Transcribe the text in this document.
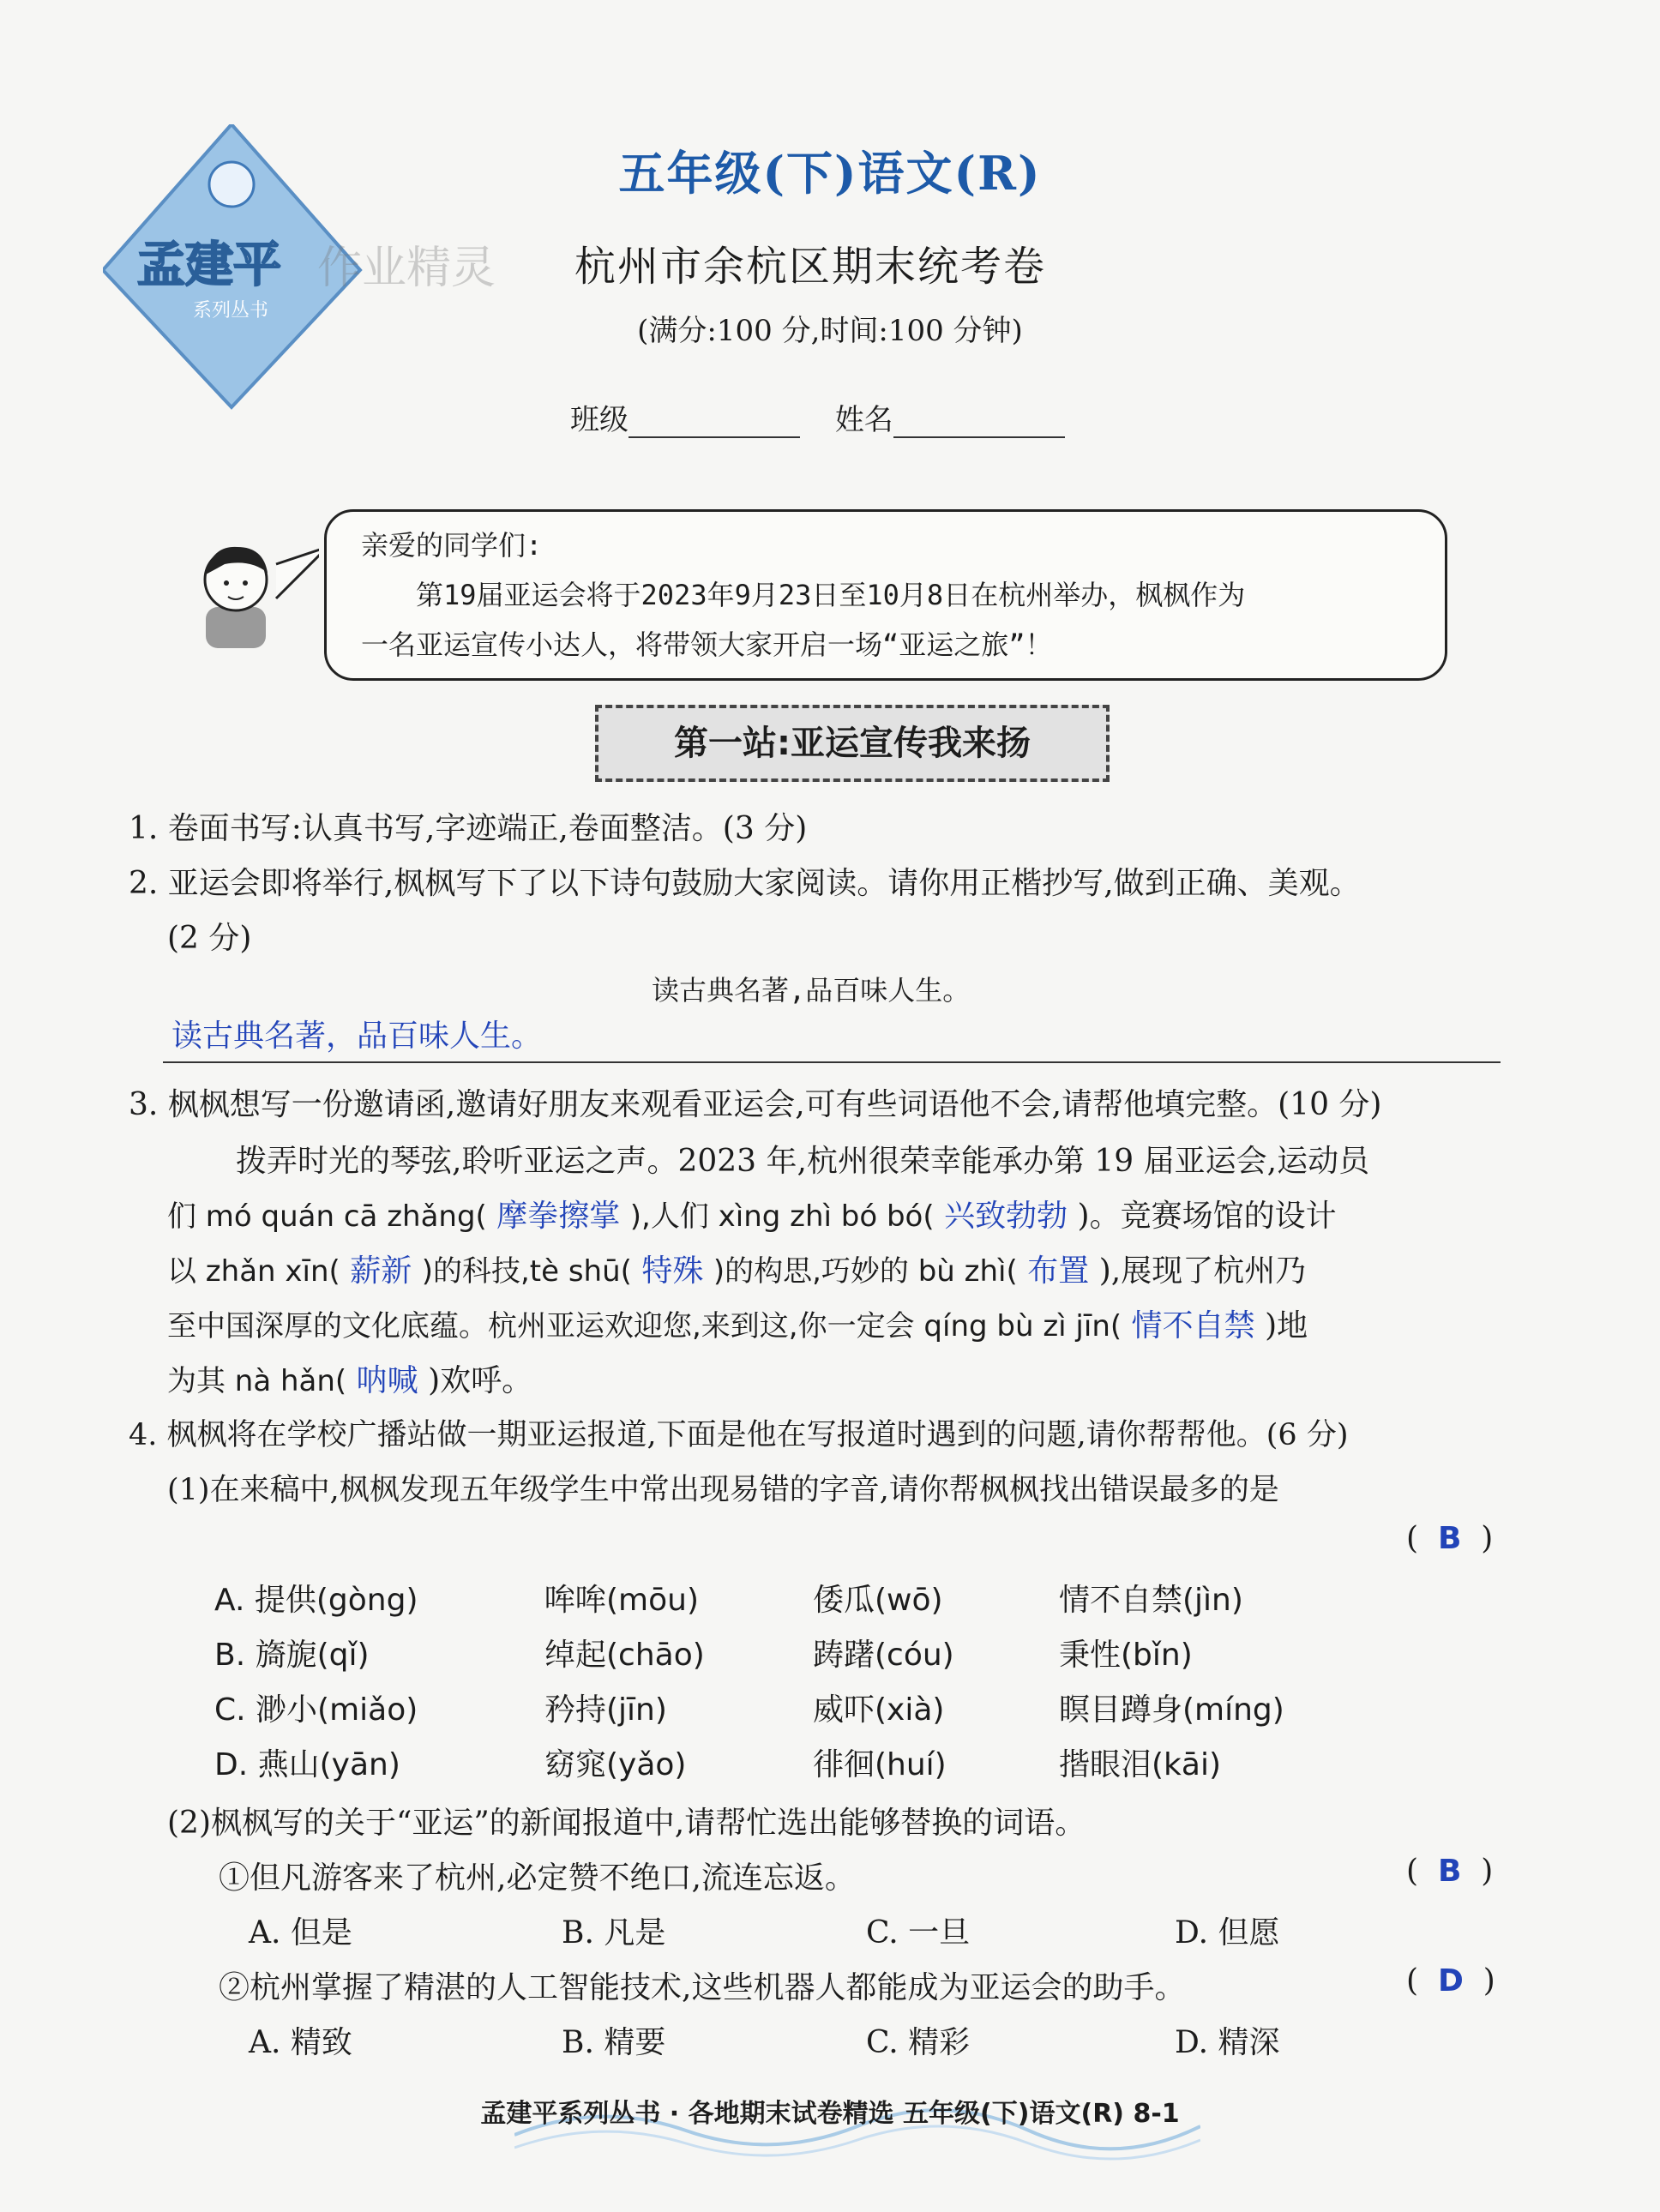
孟建平
系列丛书
作业精灵
五年级(下)语文(R)
杭州市余杭区期末统考卷
(满分:100 分,时间:100 分钟)
班级	姓名

亲爱的同学们:

第19届亚运会将于2023年9月23日至10月8日在杭州举办，枫枫作为

一名亚运宣传小达人，将带领大家开启一场“亚运之旅”！

第一站:亚运宣传我来扬
1. 卷面书写:认真书写,字迹端正,卷面整洁。(3 分)
2. 亚运会即将举行,枫枫写下了以下诗句鼓励大家阅读。请你用正楷抄写,做到正确、美观。
(2 分)
读古典名著,品百味人生。
读古典名著，品百味人生。
3. 枫枫想写一份邀请函,邀请好朋友来观看亚运会,可有些词语他不会,请帮他填完整。(10 分)
拨弄时光的琴弦,聆听亚运之声。2023 年,杭州很荣幸能承办第 19 届亚运会,运动员
们 mó quán cā zhǎng( 摩拳擦掌 ),人们 xìng zhì bó bó( 兴致勃勃 )。竞赛场馆的设计
以 zhǎn xīn( 薪新 )的科技,tè shū( 特殊 )的构思,巧妙的 bù zhì( 布置 ),展现了杭州乃
至中国深厚的文化底蕴。杭州亚运欢迎您,来到这,你一定会 qíng bù zì jīn( 情不自禁 )地
为其 nà hǎn( 呐喊 )欢呼。
4. 枫枫将在学校广播站做一期亚运报道,下面是他在写报道时遇到的问题,请你帮帮他。(6 分)
(1)在来稿中,枫枫发现五年级学生中常出现易错的字音,请你帮枫枫找出错误最多的是
(  B  )
A. 提供(gòng)	哞哞(mōu)	倭瓜(wō)	情不自禁(jìn)
B. 旖旎(qǐ)	绰起(chāo)	踌躇(cóu)	秉性(bǐn)
C. 渺小(miǎo)	矜持(jīn)	威吓(xià)	瞑目蹲身(míng)
D. 燕山(yān)	窈窕(yǎo)	徘徊(huí)	揩眼泪(kāi)
(2)枫枫写的关于“亚运”的新闻报道中,请帮忙选出能够替换的词语。
①但凡游客来了杭州,必定赞不绝口,流连忘返。	(  B  )
A. 但是	B. 凡是	C. 一旦	D. 但愿
②杭州掌握了精湛的人工智能技术,这些机器人都能成为亚运会的助手。	(  D  )
A. 精致	B. 精要	C. 精彩	D. 精深
孟建平系列丛书 · 各地期末试卷精选 五年级(下)语文(R) 8-1
